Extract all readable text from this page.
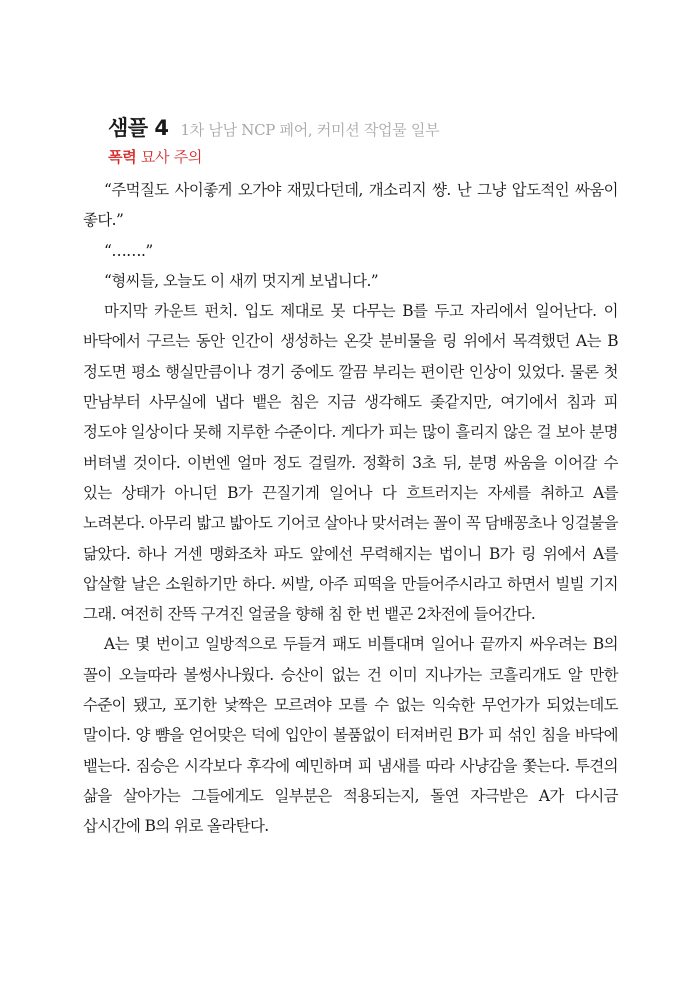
샘플 4 1차 남남 NCP 페어, 커미션 작업물 일부
폭력 묘사 주의

“주먹질도 사이좋게 오가야 재밌다던데, 개소리지 썅. 난 그냥 압도적인 싸움이 좋다.”

“…….”

“형씨들, 오늘도 이 새끼 멋지게 보냅니다.”

마지막 카운트 펀치. 입도 제대로 못 다무는 B를 두고 자리에서 일어난다. 이 바닥에서 구르는 동안 인간이 생성하는 온갖 분비물을 링 위에서 목격했던 A는 B 정도면 평소 행실만큼이나 경기 중에도 깔끔 부리는 편이란 인상이 있었다. 물론 첫 만남부터 사무실에 냅다 뱉은 침은 지금 생각해도 좆같지만, 여기에서 침과 피 정도야 일상이다 못해 지루한 수준이다. 게다가 피는 많이 흘리지 않은 걸 보아 분명 버텨낼 것이다. 이번엔 얼마 정도 걸릴까. 정확히 3초 뒤, 분명 싸움을 이어갈 수 있는 상태가 아니던 B가 끈질기게 일어나 다 흐트러지는 자세를 취하고 A를 노려본다. 아무리 밟고 밟아도 기어코 살아나 맞서려는 꼴이 꼭 담배꽁초나 잉걸불을 닮았다. 하나 거센 맹화조차 파도 앞에선 무력해지는 법이니 B가 링 위에서 A를 압살할 날은 소원하기만 하다. 씨발, 아주 피떡을 만들어주시라고 하면서 빌빌 기지 그래. 여전히 잔뜩 구겨진 얼굴을 향해 침 한 번 뱉곤 2차전에 들어간다.

A는 몇 번이고 일방적으로 두들겨 패도 비틀대며 일어나 끝까지 싸우려는 B의 꼴이 오늘따라 볼썽사나웠다. 승산이 없는 건 이미 지나가는 코흘리개도 알 만한 수준이 됐고, 포기한 낯짝은 모르려야 모를 수 없는 익숙한 무언가가 되었는데도 말이다. 양 뺨을 얻어맞은 덕에 입안이 볼품없이 터져버린 B가 피 섞인 침을 바닥에 뱉는다. 짐승은 시각보다 후각에 예민하며 피 냄새를 따라 사냥감을 쫓는다. 투견의 삶을 살아가는 그들에게도 일부분은 적용되는지, 돌연 자극받은 A가 다시금 삽시간에 B의 위로 올라탄다.
